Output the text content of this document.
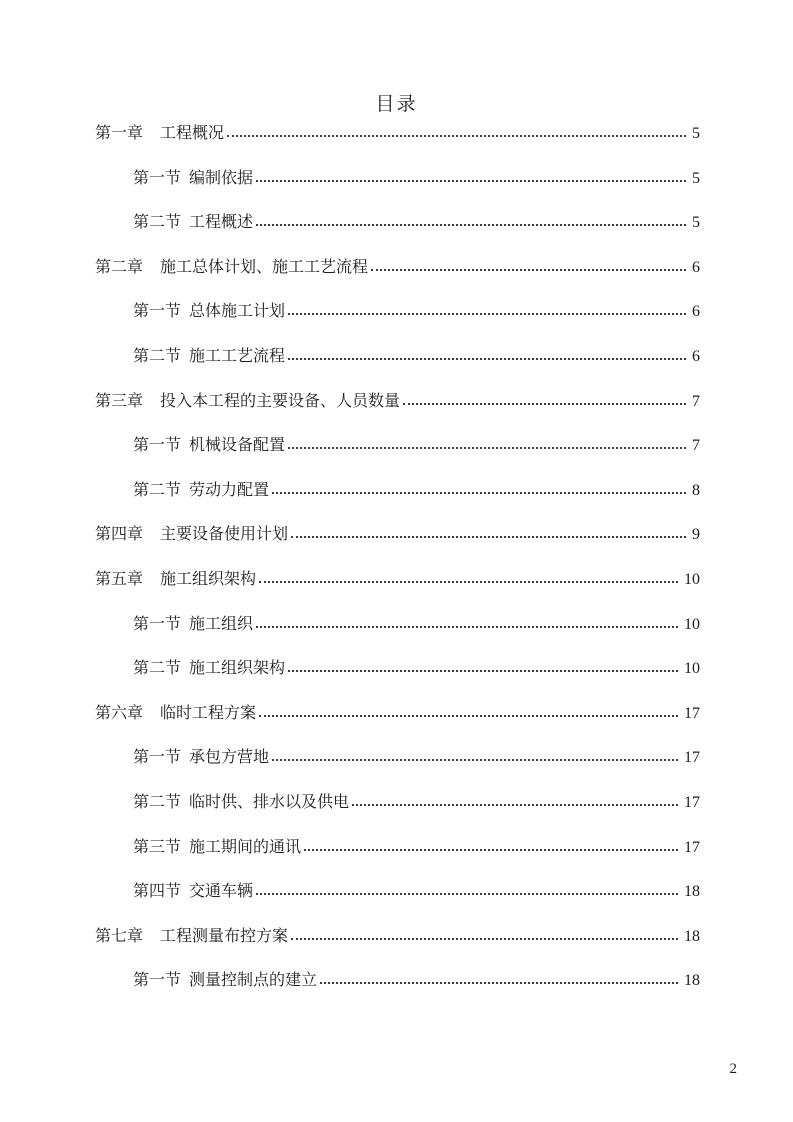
目录
第一章 工程概况	5
第一节 编制依据	5
第二节 工程概述	5
第二章 施工总体计划、施工工艺流程	6
第一节 总体施工计划	6
第二节 施工工艺流程	6
第三章 投入本工程的主要设备、人员数量	7
第一节 机械设备配置	7
第二节 劳动力配置	8
第四章 主要设备使用计划	9
第五章 施工组织架构	10
第一节 施工组织	10
第二节 施工组织架构	10
第六章 临时工程方案	17
第一节 承包方营地	17
第二节 临时供、排水以及供电	17
第三节 施工期间的通讯	17
第四节 交通车辆	18
第七章 工程测量布控方案	18
第一节 测量控制点的建立	18
2
